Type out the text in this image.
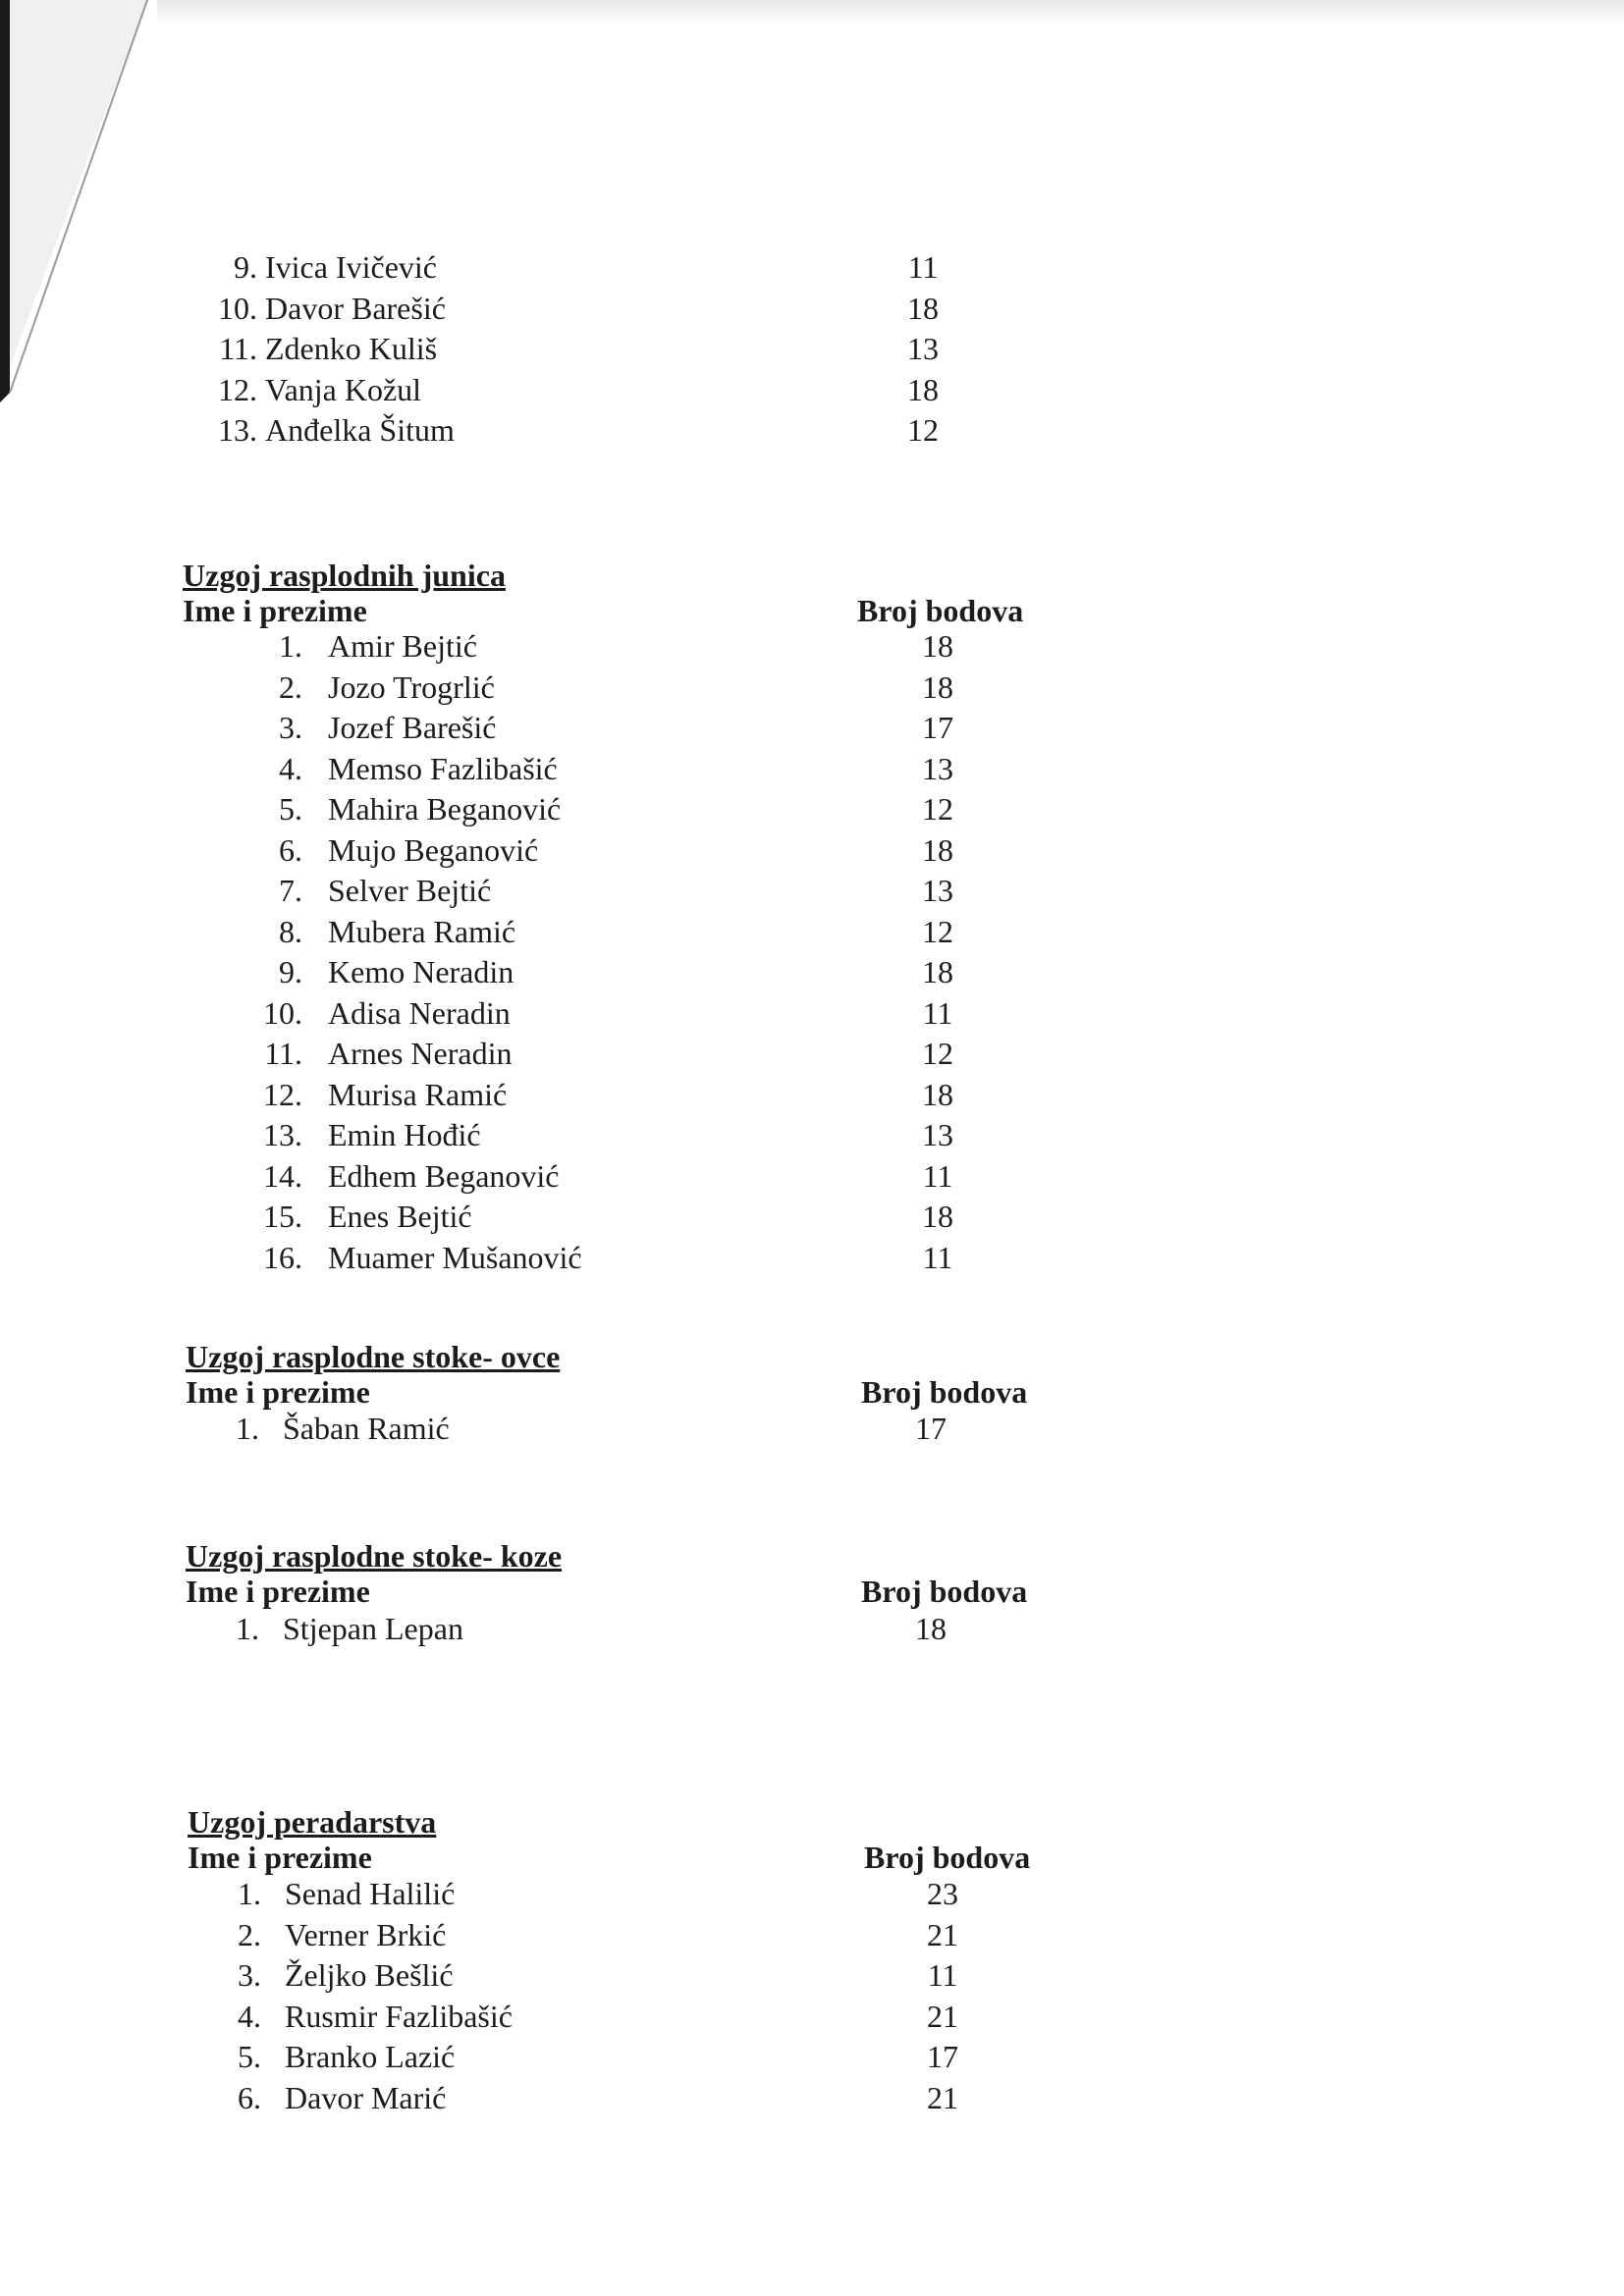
9. Ivica Ivičević	11
10. Davor Barešić	18
11. Zdenko Kuliš	13
12. Vanja Kožul	18
13. Anđelka Šitum	12
Uzgoj rasplodnih junica
Ime i prezime	Broj bodova
1. Amir Bejtić	18
2. Jozo Trogrlić	18
3. Jozef Barešić	17
4. Memso Fazlibašić	13
5. Mahira Beganović	12
6. Mujo Beganović	18
7. Selver Bejtić	13
8. Mubera Ramić	12
9. Kemo Neradin	18
10. Adisa Neradin	11
11. Arnes Neradin	12
12. Murisa Ramić	18
13. Emin Hođić	13
14. Edhem Beganović	11
15. Enes Bejtić	18
16. Muamer Mušanović	11
Uzgoj rasplodne stoke- ovce
Ime i prezime	Broj bodova
1. Šaban Ramić	17
Uzgoj rasplodne stoke- koze
Ime i prezime	Broj bodova
1. Stjepan Lepan	18
Uzgoj peradarstva
Ime i prezime	Broj bodova
1. Senad Halilić	23
2. Verner Brkić	21
3. Željko Bešlić	11
4. Rusmir Fazlibašić	21
5. Branko Lazić	17
6. Davor Marić	21
